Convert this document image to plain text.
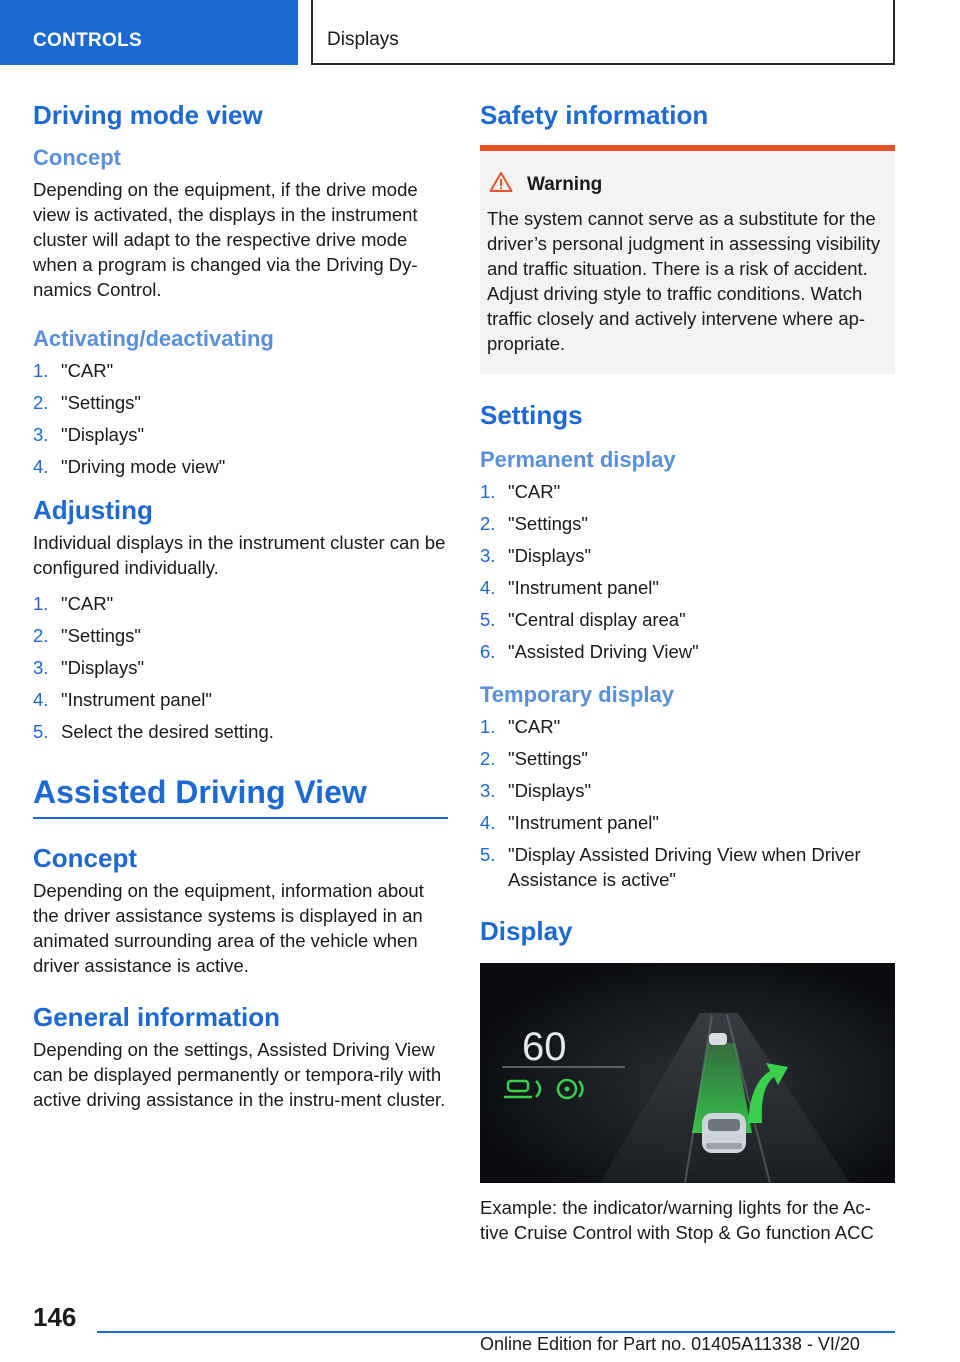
CONTROLS	Displays
Driving mode view
Concept

Depending on the equipment, if the drive mode view is activated, the displays in the instrument cluster will adapt to the respective drive mode when a program is changed via the Driving Dy-namics Control.

Activating/deactivating
1. "CAR"
2. "Settings"
3. "Displays"
4. "Driving mode view"
Adjusting

Individual displays in the instrument cluster can be configured individually.

1. "CAR"
2. "Settings"
3. "Displays"
4. "Instrument panel"
5. Select the desired setting.
Assisted Driving View
Concept

Depending on the equipment, information about the driver assistance systems is displayed in an animated surrounding area of the vehicle when driver assistance is active.

General information

Depending on the settings, Assisted Driving View can be displayed permanently or tempora-rily with active driving assistance in the instru-ment cluster.

Safety information
Warning

The system cannot serve as a substitute for the driver’s personal judgment in assessing visibility and traffic situation. There is a risk of accident. Adjust driving style to traffic conditions. Watch traffic closely and actively intervene where ap-propriate.

Settings
Permanent display
1. "CAR"
2. "Settings"
3. "Displays"
4. "Instrument panel"
5. "Central display area"
6. "Assisted Driving View"
Temporary display
1. "CAR"
2. "Settings"
3. "Displays"
4. "Instrument panel"
5. "Display Assisted Driving View when Driver Assistance is active"
Display
60

Example: the indicator/warning lights for the Ac-tive Cruise Control with Stop & Go function ACC

146
Online Edition for Part no. 01405A11338 - VI/20
